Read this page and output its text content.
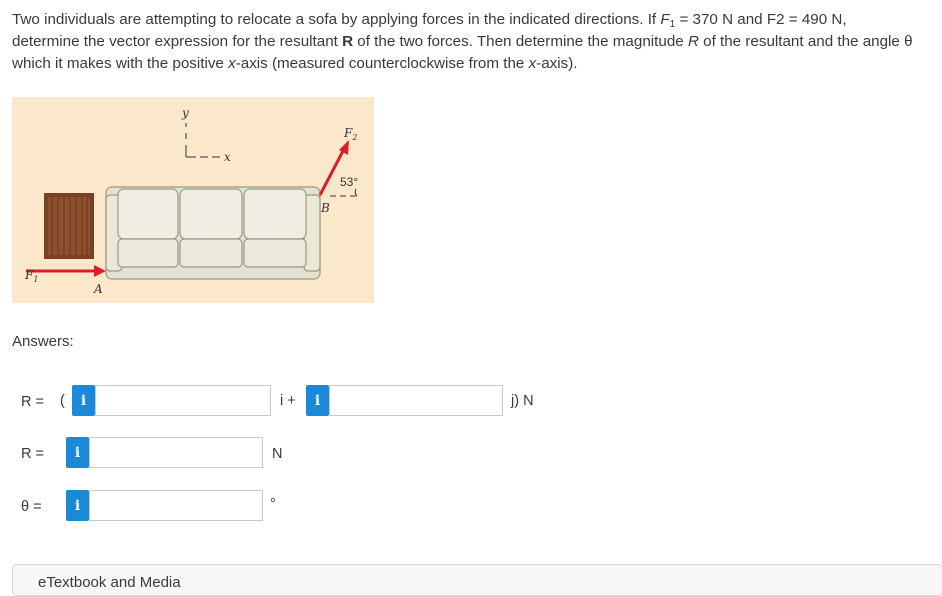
Two individuals are attempting to relocate a sofa by applying forces in the indicated directions. If $F_1 = 370$ N and F2 = 490 N,
determine the vector expression for the resultant R of the two forces. Then determine the magnitude R of the resultant and the angle θ
which it makes with the positive x-axis (measured counterclockwise from the x-axis).
y
x
$F_1$
A
$F_2$
53°
B
Answers:
R = (	i	i +	i	j) N
R =	i	N
θ =	i	°
eTextbook and Media
